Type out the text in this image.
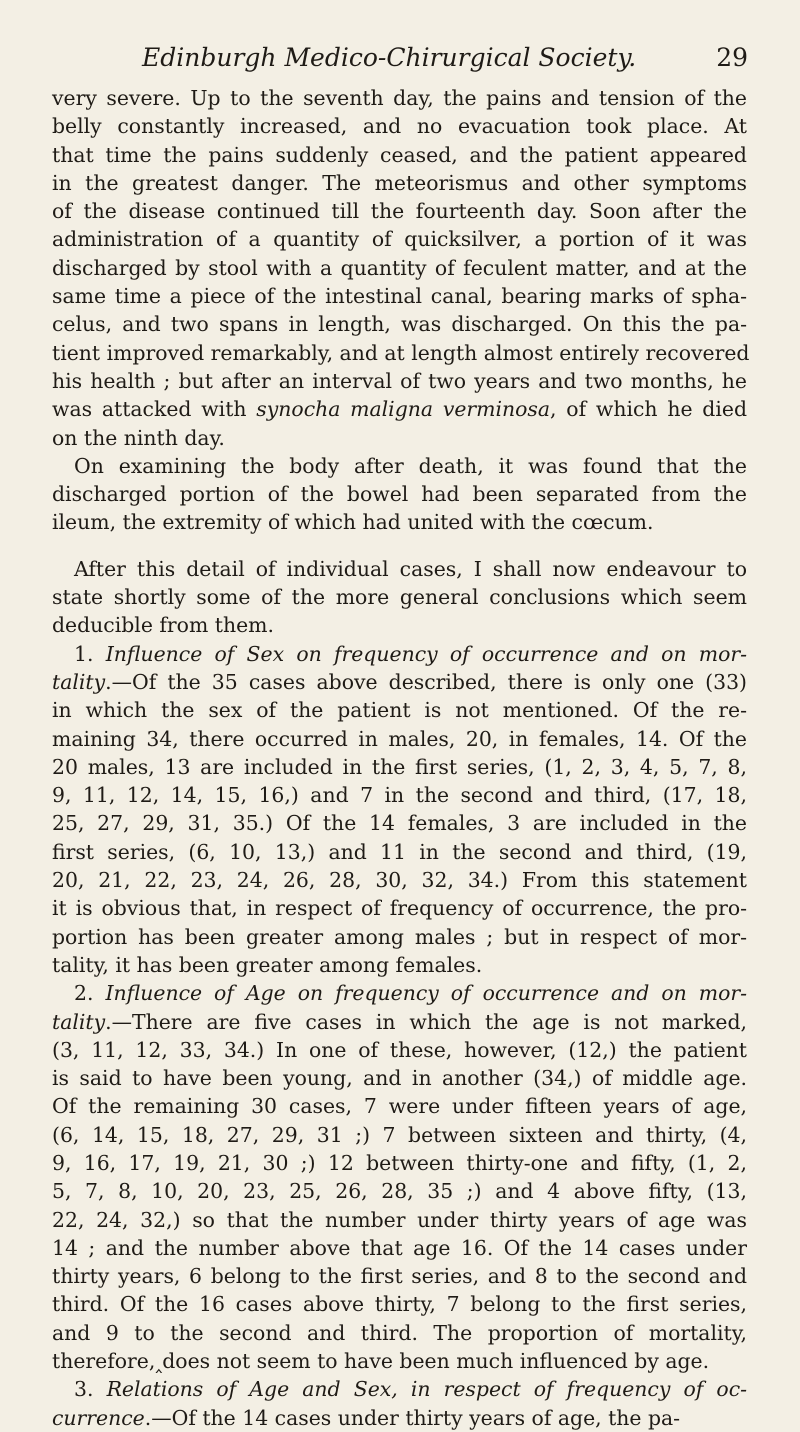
Edinburgh Medico-Chirurgical Society.	29
very severe. Up to the seventh day, the pains and tension of the
belly constantly increased, and no evacuation took place. At
that time the pains suddenly ceased, and the patient appeared
in the greatest danger. The meteorismus and other symptoms
of the disease continued till the fourteenth day. Soon after the
administration of a quantity of quicksilver, a portion of it was
discharged by stool with a quantity of feculent matter, and at the
same time a piece of the intestinal canal, bearing marks of spha-
celus, and two spans in length, was discharged. On this the pa-
tient improved remarkably, and at length almost entirely recovered
his health ; but after an interval of two years and two months, he
was attacked with synocha maligna verminosa, of which he died
on the ninth day.
On examining the body after death, it was found that the
discharged portion of the bowel had been separated from the
ileum, the extremity of which had united with the cœcum.
After this detail of individual cases, I shall now endeavour to
state shortly some of the more general conclusions which seem
deducible from them.
1. Influence of Sex on frequency of occurrence and on mor-
tality.—Of the 35 cases above described, there is only one (33)
in which the sex of the patient is not mentioned. Of the re-
maining 34, there occurred in males, 20, in females, 14. Of the
20 males, 13 are included in the first series, (1, 2, 3, 4, 5, 7, 8,
9, 11, 12, 14, 15, 16,) and 7 in the second and third, (17, 18,
25, 27, 29, 31, 35.) Of the 14 females, 3 are included in the
first series, (6, 10, 13,) and 11 in the second and third, (19,
20, 21, 22, 23, 24, 26, 28, 30, 32, 34.) From this statement
it is obvious that, in respect of frequency of occurrence, the pro-
portion has been greater among males ; but in respect of mor-
tality, it has been greater among females.
2. Influence of Age on frequency of occurrence and on mor-
tality.—There are five cases in which the age is not marked,
(3, 11, 12, 33, 34.) In one of these, however, (12,) the patient
is said to have been young, and in another (34,) of middle age.
Of the remaining 30 cases, 7 were under fifteen years of age,
(6, 14, 15, 18, 27, 29, 31 ;) 7 between sixteen and thirty, (4,
9, 16, 17, 19, 21, 30 ;) 12 between thirty-one and fifty, (1, 2,
5, 7, 8, 10, 20, 23, 25, 26, 28, 35 ;) and 4 above fifty, (13,
22, 24, 32,) so that the number under thirty years of age was
14 ; and the number above that age 16. Of the 14 cases under
thirty years, 6 belong to the first series, and 8 to the second and
third. Of the 16 cases above thirty, 7 belong to the first series,
and 9 to the second and third. The proportion of mortality,
therefore,‸does not seem to have been much influenced by age.
3. Relations of Age and Sex, in respect of frequency of oc-
currence.—Of the 14 cases under thirty years of age, the pa-
